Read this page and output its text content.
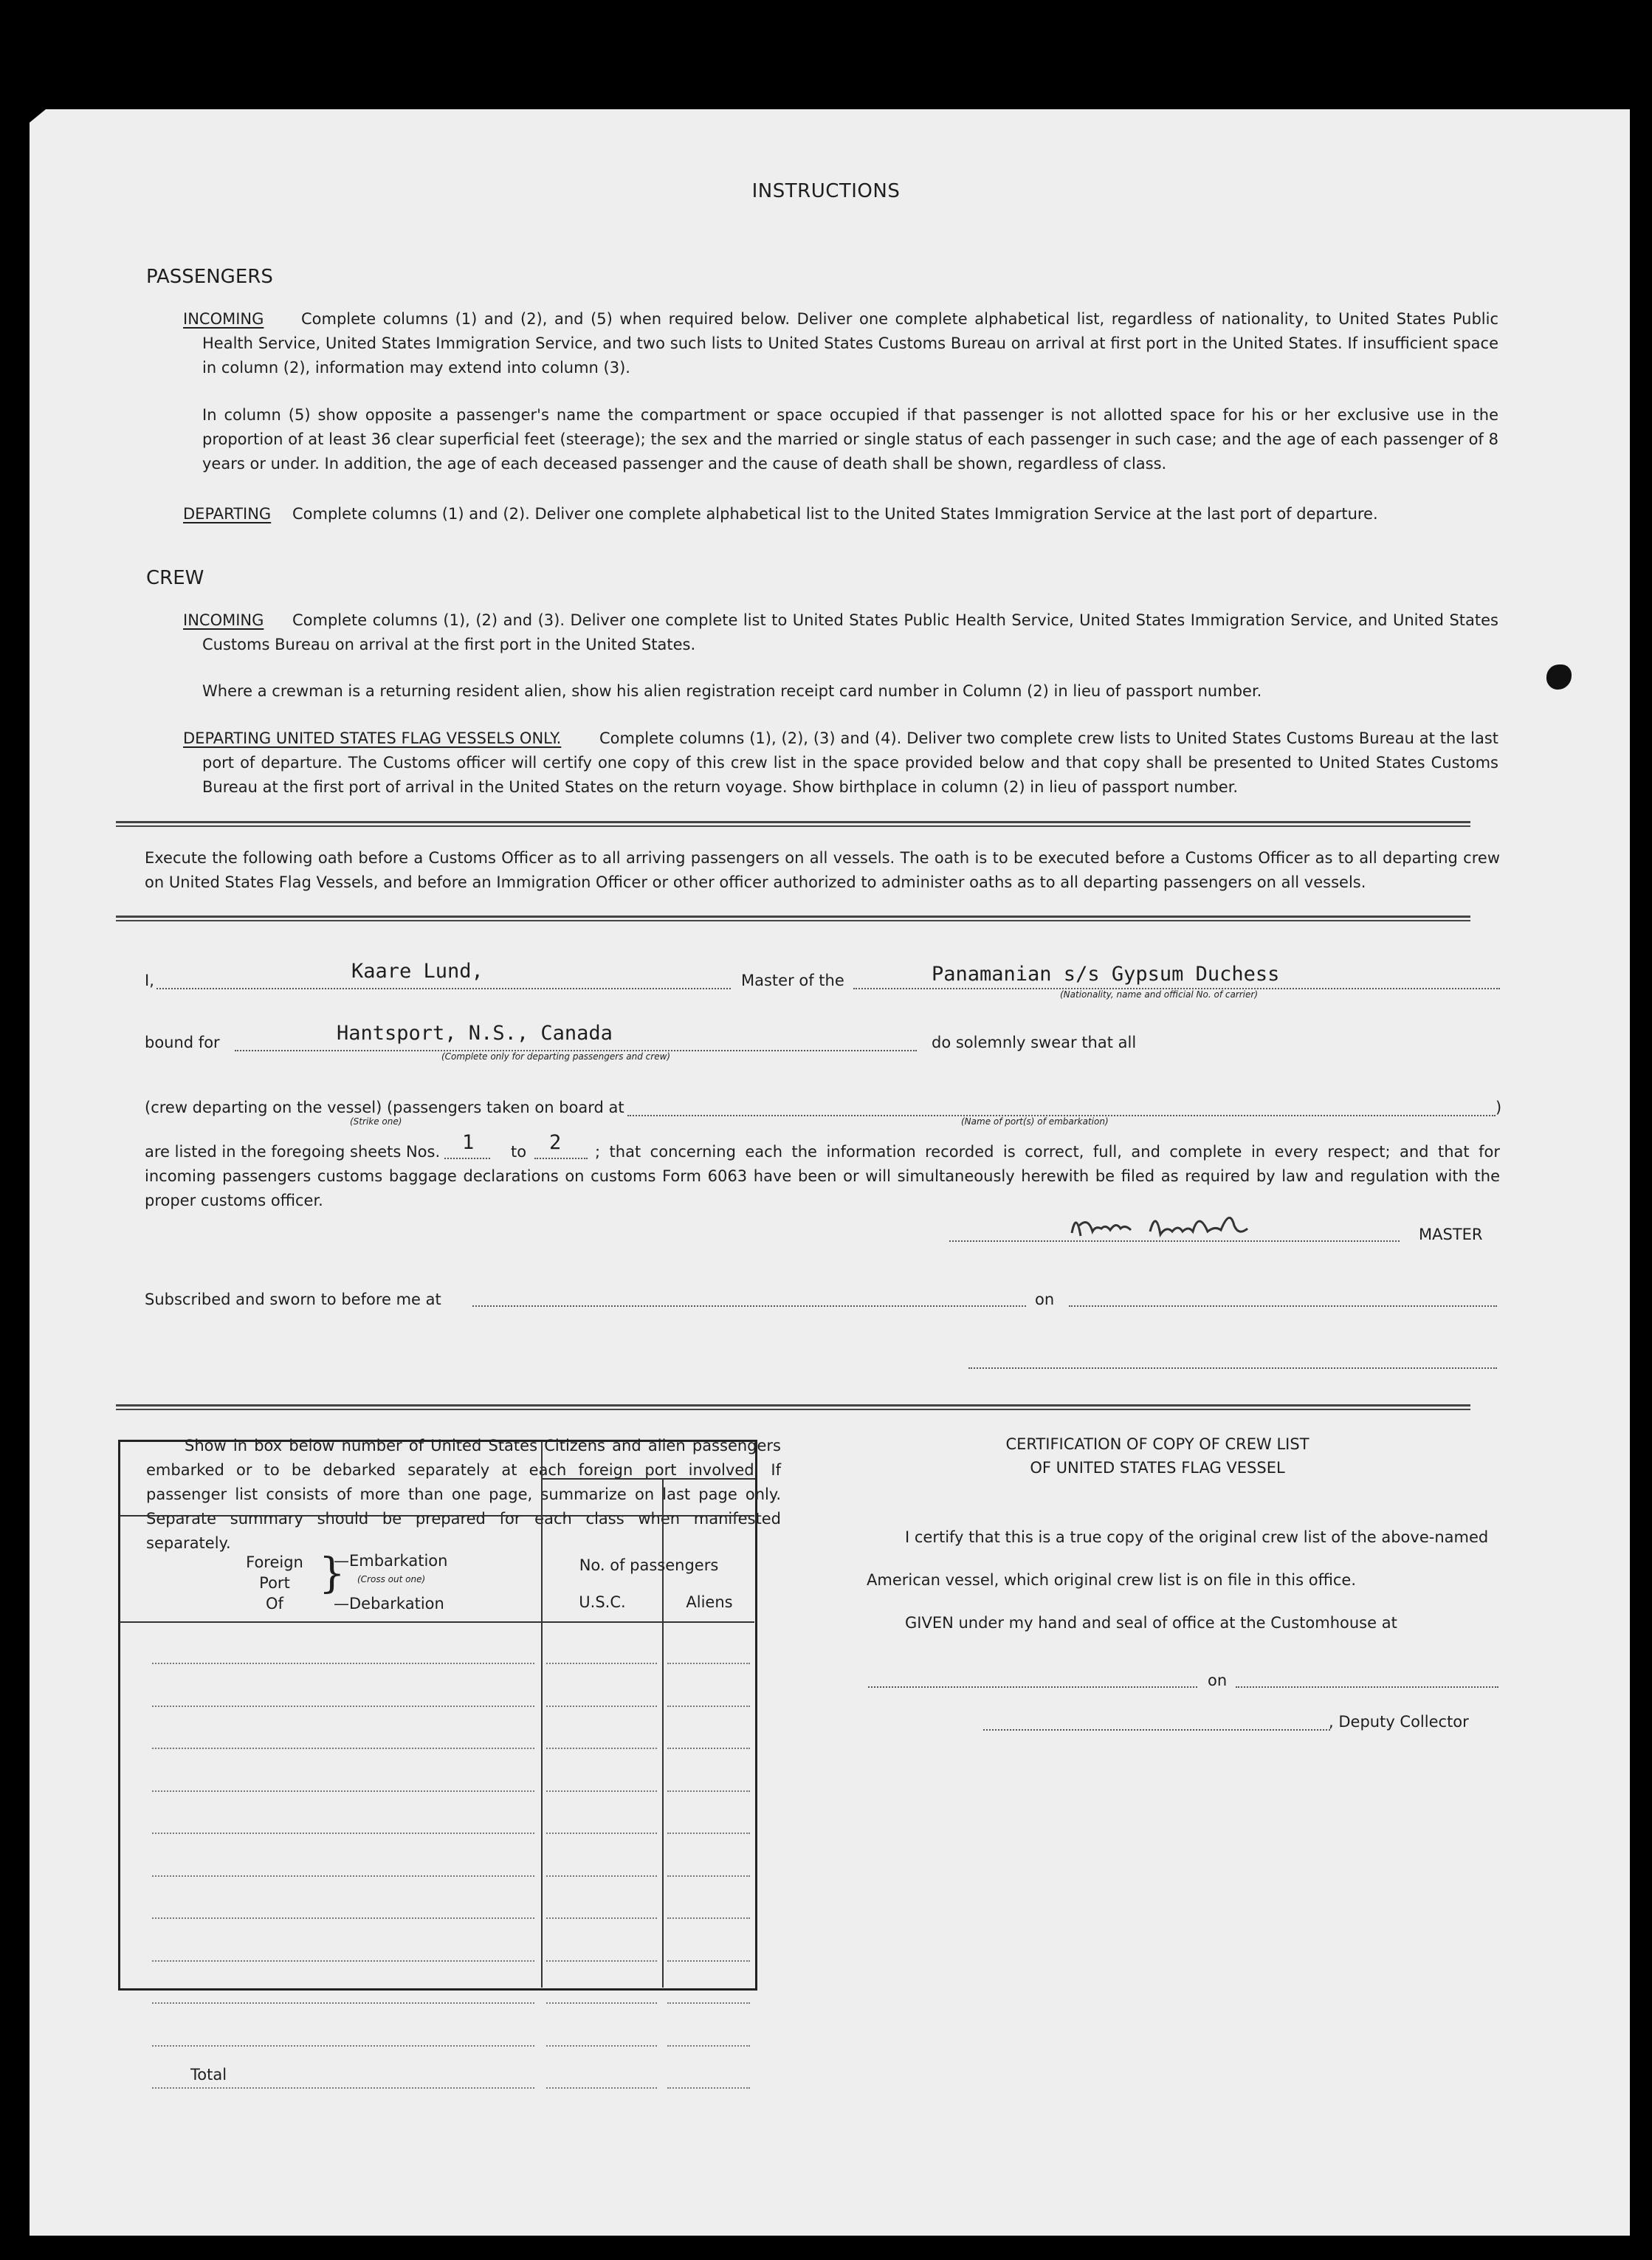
INSTRUCTIONS
PASSENGERS
INCOMING	Complete columns (1) and (2), and (5) when required below. Deliver one complete alphabetical list, regardless of nationality, to United States Public Health Service, United States Immigration Service, and two such lists to United States Customs Bureau on arrival at first port in the United States. If insufficient space in column (2), information may extend into column (3).
In column (5) show opposite a passenger's name the compartment or space occupied if that passenger is not allotted space for his or her exclusive use in the proportion of at least 36 clear superficial feet (steerage); the sex and the married or single status of each passenger in such case; and the age of each passenger of 8 years or under. In addition, the age of each deceased passenger and the cause of death shall be shown, regardless of class.
DEPARTING Complete columns (1) and (2). Deliver one complete alphabetical list to the United States Immigration Service at the last port of departure.
CREW
INCOMING	Complete columns (1), (2) and (3). Deliver one complete list to United States Public Health Service, United States Immigration Service, and United States Customs Bureau on arrival at the first port in the United States.
Where a crewman is a returning resident alien, show his alien registration receipt card number in Column (2) in lieu of passport number.
DEPARTING UNITED STATES FLAG VESSELS ONLY.	Complete columns (1), (2), (3) and (4). Deliver two complete crew lists to United States Customs Bureau at the last port of departure. The Customs officer will certify one copy of this crew list in the space provided below and that copy shall be presented to United States Customs Bureau at the first port of arrival in the United States on the return voyage. Show birthplace in column (2) in lieu of passport number.
Execute the following oath before a Customs Officer as to all arriving passengers on all vessels. The oath is to be executed before a Customs Officer as to all departing crew on United States Flag Vessels, and before an Immigration Officer or other officer authorized to administer oaths as to all departing passengers on all vessels.
I,	Kaare Lund,	Master of the	Panamanian s/s Gypsum Duchess
(Nationality, name and official No. of carrier)
bound for	Hantsport, N.S., Canada
(Complete only for departing passengers and crew)
do solemnly swear that all
(crew departing on the vessel) (passengers taken on board at
(Strike one)	(Name of port(s) of embarkation)
)
are listed in the foregoing sheets Nos. 1 to 2	; that concerning each the information recorded is correct, full, and complete in every respect; and that for incoming passengers customs baggage declarations on customs Form 6063 have been or will simultaneously herewith be filed as required by law and regulation with the proper customs officer.
MASTER
Subscribed and sworn to before me at	on
Show in box below number of United States Citizens and alien passengers embarked or to be debarked separately at each foreign port involved. If passenger list consists of more than one page, summarize on last page only. Separate summary should be prepared for each class when manifested separately.
Foreign
Port
Of
}
—Embarkation
(Cross out one)
—Debarkation
No. of passengers
U.S.C.	Aliens
Total
CERTIFICATION OF COPY OF CREW LIST
OF UNITED STATES FLAG VESSEL
I certify that this is a true copy of the original crew list of the above-named
American vessel, which original crew list is on file in this office.
GIVEN under my hand and seal of office at the Customhouse at
on
, Deputy Collector
